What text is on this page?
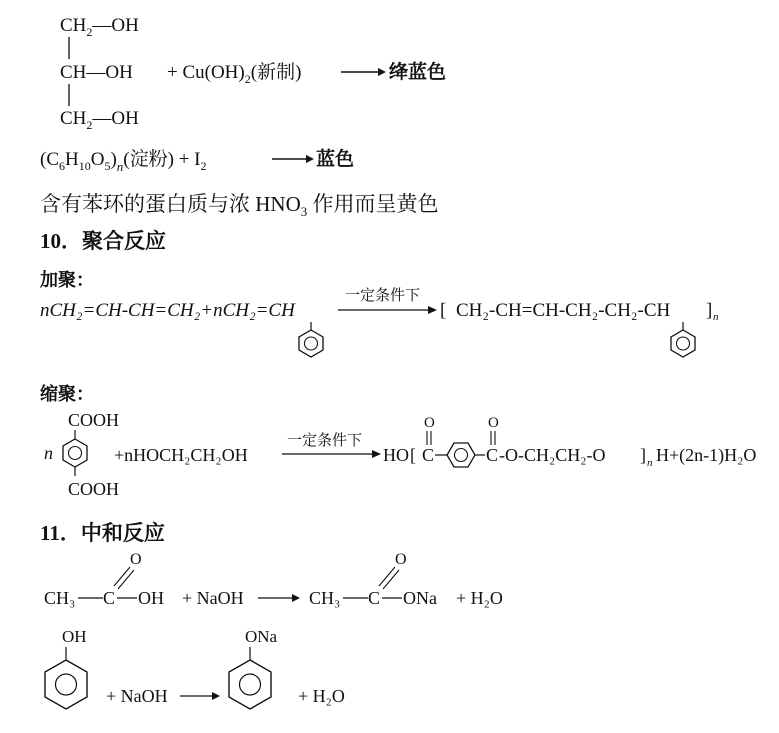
$CH_2—OH$
CH—OH
$CH_2—OH$
+ $Cu(OH)_2$(新制)	绛蓝色
$(C_6H_{10}O_5)_n$(淀粉) + $I_2$	蓝色
含有苯环的蛋白质与浓 $HNO_3$ 作用而呈黄色
10．聚合反应
加聚：
nCH₂=CH-CH=CH₂+nCH₂=CH
一定条件下
[ CH₂-CH=CH-CH₂-CH₂-CH ] n
缩聚：
COOH
COOH
n	+nHOCH₂CH₂OH
一定条件下
HO [ C
O
C
O
-O-CH₂CH₂-O ] n H+(2n-1)H₂O
11．中和反应
CH₃ C
O
OH + NaOH	CH₃ C
O
ONa + H₂O
OH
+ NaOH
ONa
+ H₂O
